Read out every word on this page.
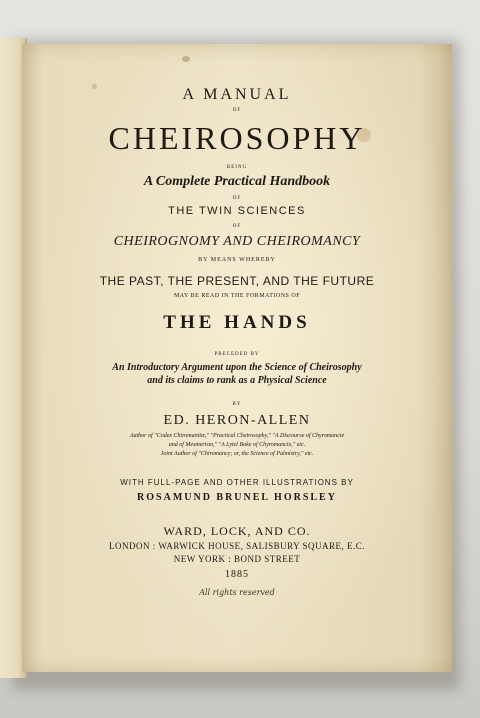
A MANUAL
OF
CHEIROSOPHY
BEING
A Complete Practical Handbook
OF
THE TWIN SCIENCES
OF
CHEIROGNOMY AND CHEIROMANCY
BY MEANS WHEREBY
THE PAST, THE PRESENT, AND THE FUTURE
MAY BE READ IN THE FORMATIONS OF
THE HANDS
PRECEDED BY
An Introductory Argument upon the Science of Cheirosophy
and its claims to rank as a Physical Science
BY
ED. HERON-ALLEN
Author of "Codex Chiromantiæ," "Practical Cheirosophy," "A Discourse of Chyromancie
and of Mesmerism," "A Lytel Boke of Chyromancie," etc.
Joint Author of "Chiromancy; or, the Science of Palmistry," etc.
WITH FULL-PAGE AND OTHER ILLUSTRATIONS BY
ROSAMUND BRUNEL HORSLEY
WARD, LOCK, AND CO.
LONDON : WARWICK HOUSE, SALISBURY SQUARE, E.C.
NEW YORK : BOND STREET
1885
All rights reserved
